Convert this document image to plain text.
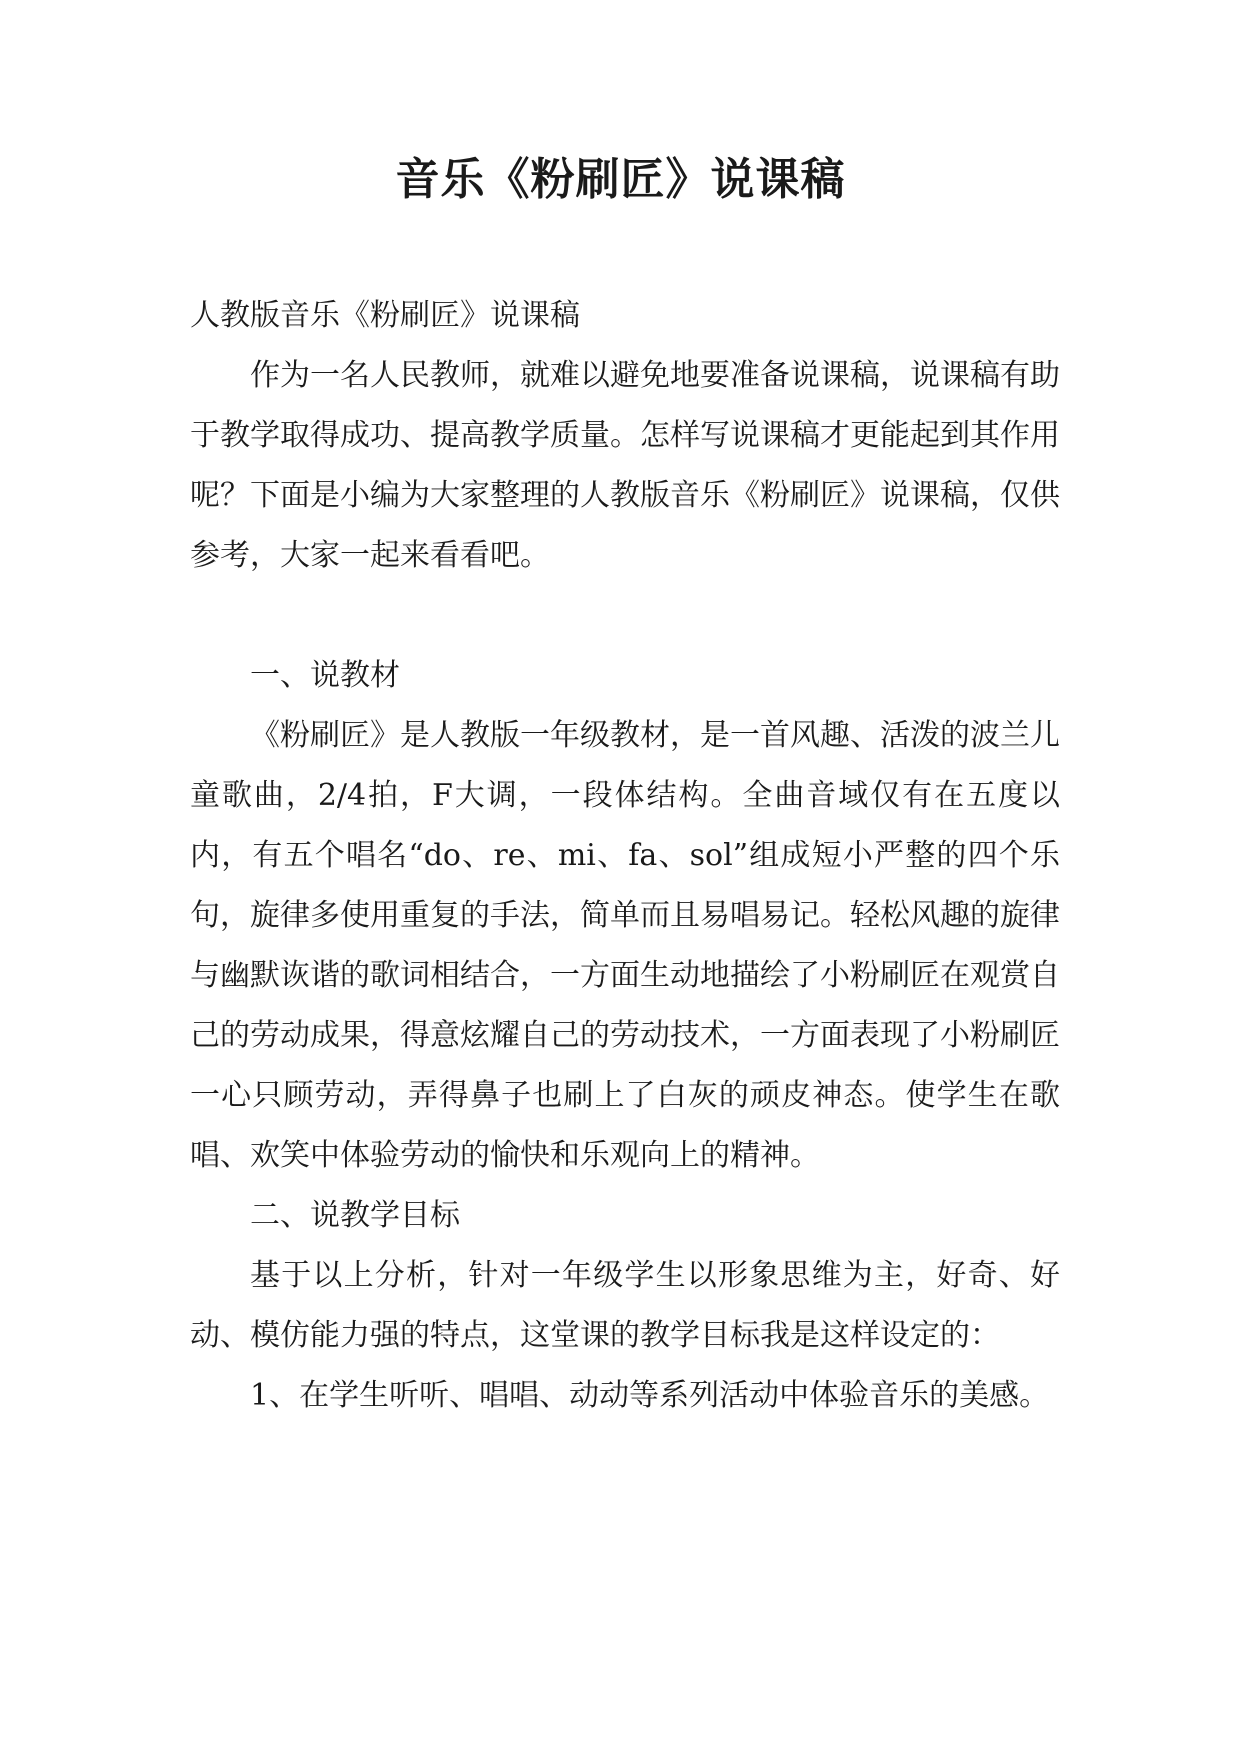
音乐《粉刷匠》说课稿

人教版音乐《粉刷匠》说课稿

作为一名人民教师，就难以避免地要准备说课稿，说课稿有助于教学取得成功、提高教学质量。怎样写说课稿才更能起到其作用呢？下面是小编为大家整理的人教版音乐《粉刷匠》说课稿，仅供参考，大家一起来看看吧。

一、说教材

《粉刷匠》是人教版一年级教材，是一首风趣、活泼的波兰儿童歌曲，2/4拍，F大调，一段体结构。全曲音域仅有在五度以内，有五个唱名“do、re、mi、fa、sol”组成短小严整的四个乐句，旋律多使用重复的手法，简单而且易唱易记。轻松风趣的旋律与幽默诙谐的歌词相结合，一方面生动地描绘了小粉刷匠在观赏自己的劳动成果，得意炫耀自己的劳动技术，一方面表现了小粉刷匠一心只顾劳动，弄得鼻子也刷上了白灰的顽皮神态。使学生在歌唱、欢笑中体验劳动的愉快和乐观向上的精神。

二、说教学目标

基于以上分析，针对一年级学生以形象思维为主，好奇、好动、模仿能力强的特点，这堂课的教学目标我是这样设定的：

1、在学生听听、唱唱、动动等系列活动中体验音乐的美感。
